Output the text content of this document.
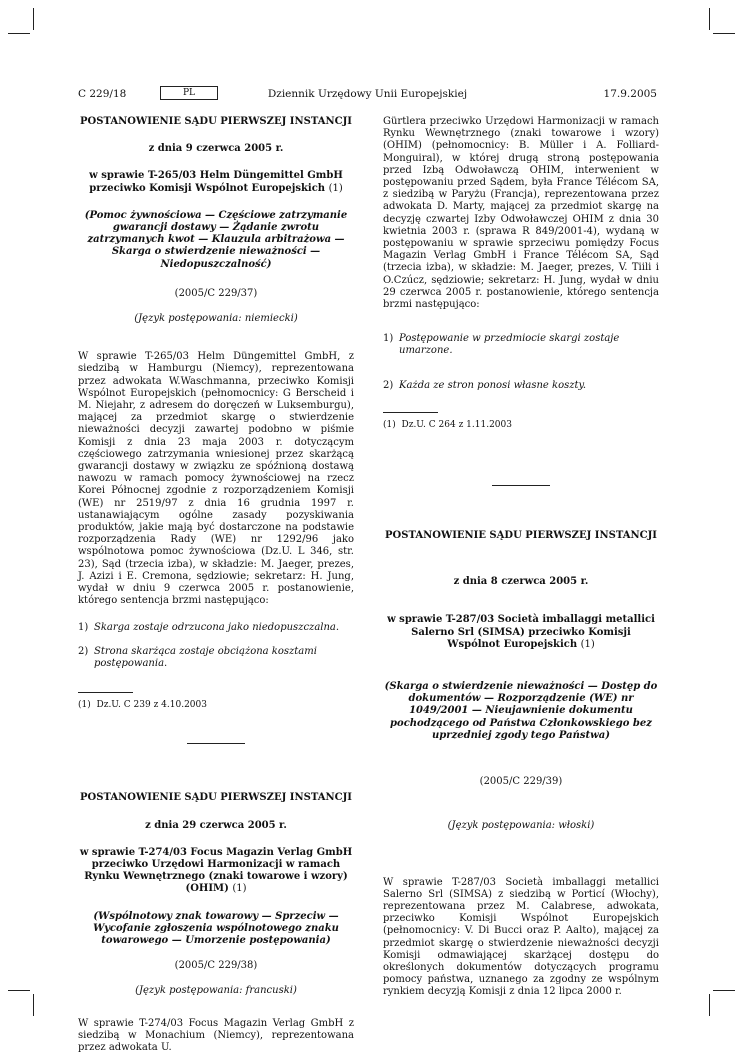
C 229/18	PL	Dziennik Urzędowy Unii Europejskiej	17.9.2005

POSTANOWIENIE SĄDU PIERWSZEJ INSTANCJI

z dnia 9 czerwca 2005 r.

w sprawie T-265/03 Helm Düngemittel GmbH przeciwko Komisji Wspólnot Europejskich (1)

(Pomoc żywnościowa — Częściowe zatrzymanie gwarancji dostawy — Żądanie zwrotu zatrzymanych kwot — Klauzula arbitrażowa — Skarga o stwierdzenie nieważności — Niedopuszczalność)

(2005/C 229/37)

(Język postępowania: niemiecki)

W sprawie T-265/03 Helm Düngemittel GmbH, z siedzibą w Hamburgu (Niemcy), reprezentowana przez adwokata W.Waschmanna, przeciwko Komisji Wspólnot Europejskich (pełnomocnicy: G Berscheid i M. Niejahr, z adresem do doręczeń w Luksemburgu), mającej za przedmiot skargę o stwierdzenie nieważności decyzji zawartej podobno w piśmie Komisji z dnia 23 maja 2003 r. dotyczącym częściowego zatrzymania wniesionej przez skarżącą gwarancji dostawy w związku ze spóźnioną dostawą nawozu w ramach pomocy żywnościowej na rzecz Korei Północnej zgodnie z rozporządzeniem Komisji (WE) nr 2519/97 z dnia 16 grudnia 1997 r. ustanawiającym ogólne zasady pozyskiwania produktów, jakie mają być dostarczone na podstawie rozporządzenia Rady (WE) nr 1292/96 jako wspólnotowa pomoc żywnościowa (Dz.U. L 346, str. 23), Sąd (trzecia izba), w składzie: M. Jaeger, prezes, J. Azizi i E. Cremona, sędziowie; sekretarz: H. Jung, wydał w dniu 9 czerwca 2005 r. postanowienie, którego sentencja brzmi następująco:

1) Skarga zostaje odrzucona jako niedopuszczalna.
2) Strona skarżąca zostaje obciążona kosztami postępowania.

(1) Dz.U. C 239 z 4.10.2003

POSTANOWIENIE SĄDU PIERWSZEJ INSTANCJI

z dnia 29 czerwca 2005 r.

w sprawie T-274/03 Focus Magazin Verlag GmbH przeciwko Urzędowi Harmonizacji w ramach Rynku Wewnętrznego (znaki towarowe i wzory) (OHIM) (1)

(Wspólnotowy znak towarowy — Sprzeciw — Wycofanie zgłoszenia wspólnotowego znaku towarowego — Umorzenie postępowania)

(2005/C 229/38)

(Język postępowania: francuski)

W sprawie T-274/03 Focus Magazin Verlag GmbH z siedzibą w Monachium (Niemcy), reprezentowana przez adwokata U.

Gürtlera przeciwko Urzędowi Harmonizacji w ramach Rynku Wewnętrznego (znaki towarowe i wzory) (OHIM) (pełnomocnicy: B. Müller i A. Folliard-Monguiral), w której drugą stroną postępowania przed Izbą Odwoławczą OHIM, interwenient w postępowaniu przed Sądem, była France Télécom SA, z siedzibą w Paryżu (Francja), reprezentowana przez adwokata D. Marty, mającej za przedmiot skargę na decyzję czwartej Izby Odwoławczej OHIM z dnia 30 kwietnia 2003 r. (sprawa R 849/2001-4), wydaną w postępowaniu w sprawie sprzeciwu pomiędzy Focus Magazin Verlag GmbH i France Télécom SA, Sąd (trzecia izba), w składzie: M. Jaeger, prezes, V. Tiili i O.Czúcz, sędziowie; sekretarz: H. Jung, wydał w dniu 29 czerwca 2005 r. postanowienie, którego sentencja brzmi następująco:

1) Postępowanie w przedmiocie skargi zostaje umarzone.
2) Każda ze stron ponosi własne koszty.

(1) Dz.U. C 264 z 1.11.2003

POSTANOWIENIE SĄDU PIERWSZEJ INSTANCJI

z dnia 8 czerwca 2005 r.

w sprawie T-287/03 Società imballaggi metallici Salerno Srl (SIMSA) przeciwko Komisji Wspólnot Europejskich (1)

(Skarga o stwierdzenie nieważności — Dostęp do dokumentów — Rozporządzenie (WE) nr 1049/2001 — Nieujawnienie dokumentu pochodzącego od Państwa Członkowskiego bez uprzedniej zgody tego Państwa)

(2005/C 229/39)

(Język postępowania: włoski)

W sprawie T-287/03 Società imballaggi metallici Salerno Srl (SIMSA) z siedzibą w Porticí (Włochy), reprezentowana przez M. Calabrese, adwokata, przeciwko Komisji Wspólnot Europejskich (pełnomocnicy: V. Di Bucci oraz P. Aalto), mającej za przedmiot skargę o stwierdzenie nieważności decyzji Komisji odmawiającej skarżącej dostępu do określonych dokumentów dotyczących programu pomocy państwa, uznanego za zgodny ze wspólnym rynkiem decyzją Komisji z dnia 12 lipca 2000 r.
